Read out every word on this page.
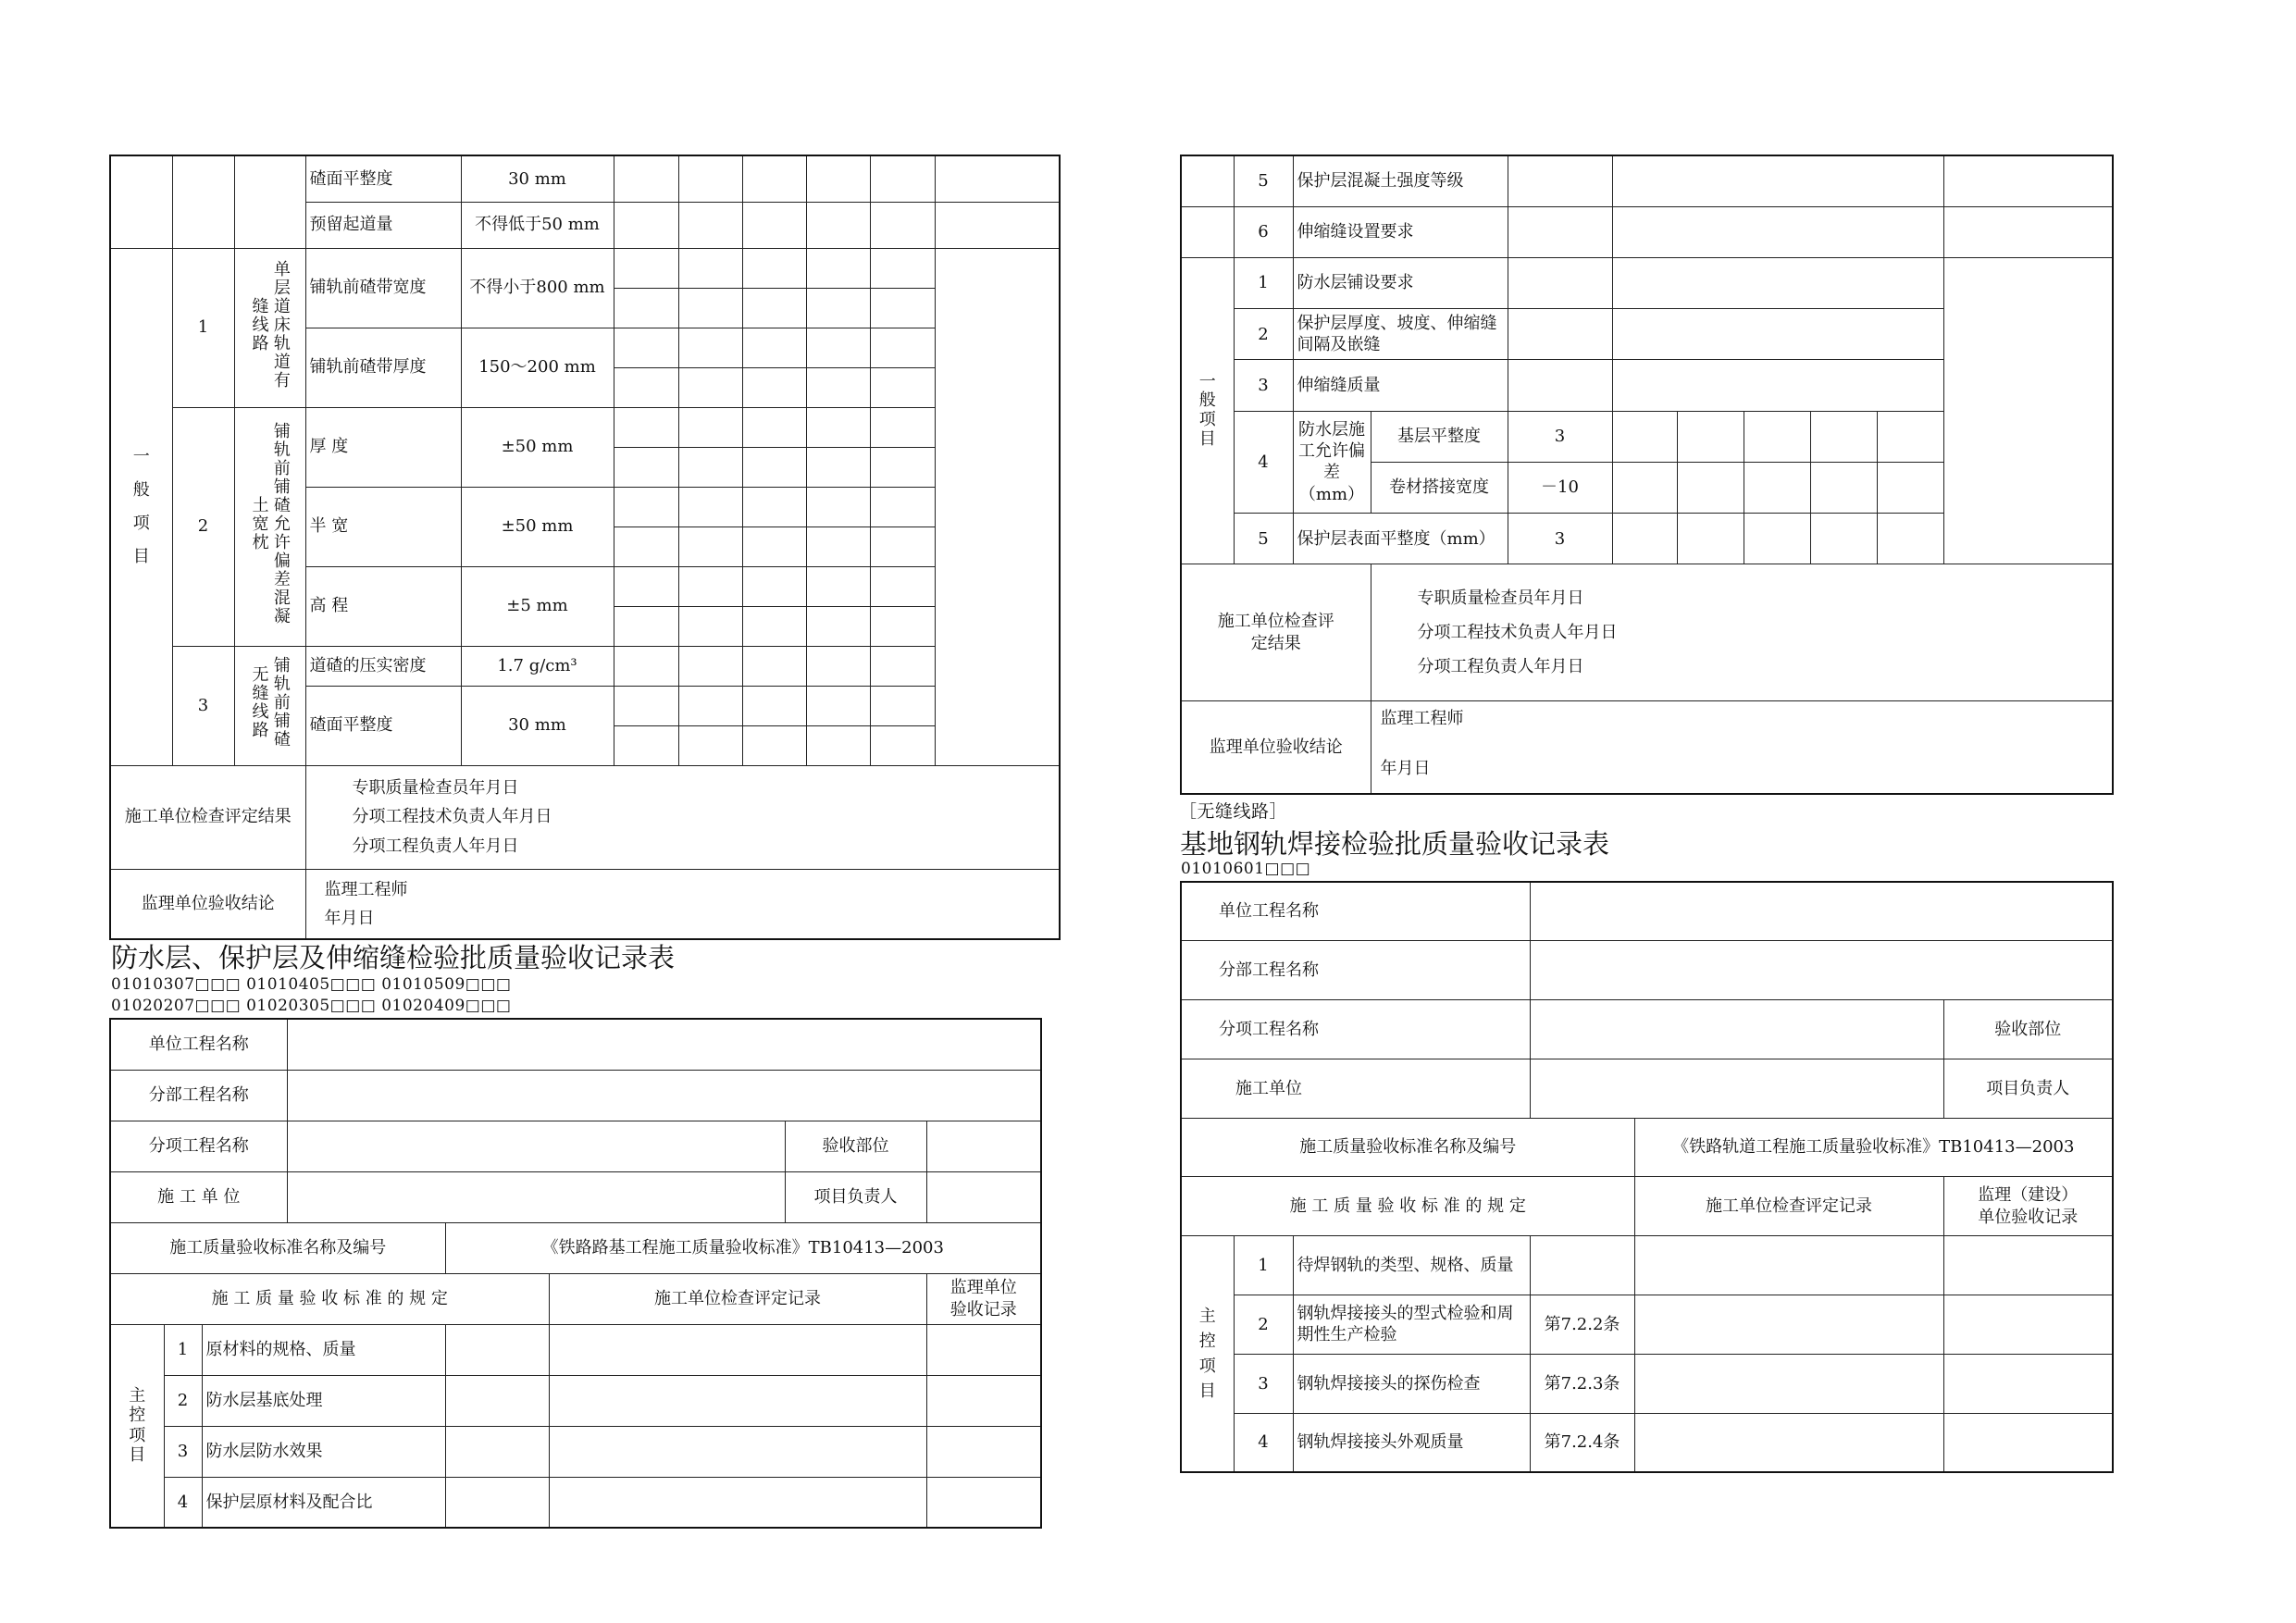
			碴面平整度	30 mm						
			预留起道量	不得低于50 mm						
一
般
项
目	1	单层道床轨道有缝线路	铺轨前碴带宽度	不得小于800 mm						

			铺轨前碴带厚度	150～200 mm						

	2	铺轨前铺碴允许偏差混凝土宽枕	厚 度	±50 mm						

			半 宽	±50 mm						

			高 程	±5 mm						

	3	铺轨前铺碴无缝线路	道碴的压实密度	1.7 g/cm³						
			碴面平整度	30 mm						

施工单位检查评定结果			专职质量检查员年月日
分项工程技术负责人年月日
分项工程负责人年月日							

监理单位验收结论			监理工程师
年月日							
防水层、保护层及伸缩缝检验批质量验收记录表
01010307□□□ 01010405□□□ 01010509□□□
01020207□□□ 01020305□□□ 01020409□□□
单位工程名称							
分部工程名称							
分项工程名称						验收部位	
施 工 单 位						项目负责人	
施工质量验收标准名称及编号				《铁路路基工程施工质量验收标准》TB10413—2003			
施 工 质 量 验 收 标 准 的 规 定					施工单位检查评定记录		监理单位
验收记录
主
控
项
目	1	原材料的规格、质量					
	2	防水层基底处理					
	3	防水层防水效果					
	4	保护层原材料及配合比					
	5	保护层混凝土强度等级								
	6	伸缩缝设置要求								
一
般
项
目	1	防水层铺设要求								
	2	保护层厚度、坡度、伸缩缝间隔及嵌缝								
	3	伸缩缝质量								
	4	防水层施工允许偏差（mm）	基层平整度	3						
			卷材搭接宽度	－10						
	5	保护层表面平整度（mm）		3						
施工单位检查评定结果			专职质量检查员年月日
分项工程技术负责人年月日
分项工程负责人年月日							

监理单位验收结论			监理工程师
年月日							
［无缝线路］
基地钢轨焊接检验批质量验收记录表
01010601□□□
单位工程名称					
分部工程名称					
分项工程名称					验收部位
施工单位					项目负责人
施工质量验收标准名称及编号				《铁路轨道工程施工质量验收标准》TB10413—2003	
施 工 质 量 验 收 标 准 的 规 定				施工单位检查评定记录	监理（建设）
单位验收记录
主
控
项
目	1	待焊钢轨的类型、规格、质量			
	2	钢轨焊接接头的型式检验和周期性生产检验	第7.2.2条		
	3	钢轨焊接接头的探伤检查	第7.2.3条		
	4	钢轨焊接接头外观质量	第7.2.4条		
